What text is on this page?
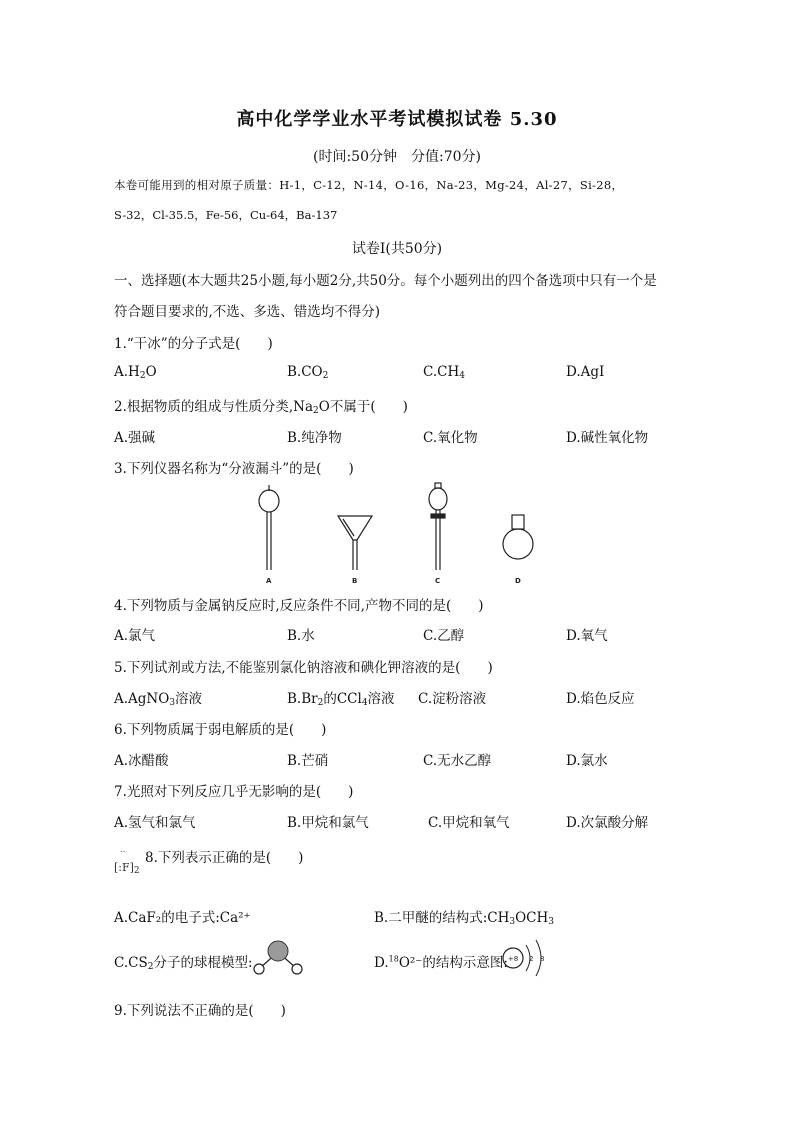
高中化学学业水平考试模拟试卷 5.30
(时间:50分钟　分值:70分)
本卷可能用到的相对原子质量：H-1，C-12，N-14，O-16，Na-23，Mg-24，Al-27，Si-28，
S-32，Cl-35.5，Fe-56，Cu-64，Ba-137
试卷Ⅰ(共50分)
一、选择题(本大题共25小题,每小题2分,共50分。每个小题列出的四个备选项中只有一个是
符合题目要求的,不选、多选、错选均不得分)
1.“干冰”的分子式是(　　)
$A.H_2O$	$B.CO_2$	$C.CH_4$	D.AgI
2.根据物质的组成与性质分类$,Na_2O$不属于(　　)
A.强碱	B.纯净物	C.氧化物	D.碱性氧化物
3.下列仪器名称为“分液漏斗”的是(　　)
A	B	C	D
4.下列物质与金属钠反应时,反应条件不同,产物不同的是(　　)
A.氯气	B.水	C.乙醇	D.氧气
5.下列试剂或方法,不能鉴别氯化钠溶液和碘化钾溶液的是(　　)
A.AgNO$_3$溶液	$B.Br_2$的CCl$_4$溶液 C.淀粉溶液	D.焰色反应
6.下列物质属于弱电解质的是(　　)
A.冰醋酸	B.芒硝	C.无水乙醇	D.氯水
7.光照对下列反应几乎无影响的是(　　)
A.氢气和氯气	B.甲烷和氯气	C.甲烷和氧气	D.次氯酸分解
‥
8.下列表示正确的是(　　)
$[:F]_2$
A.CaF₂的电子式:Ca²⁺	B.二甲醚的结构式$:CH_3OCH_3$
$C.CS_2$分子的球棍模型:	D.$^{18}$O²⁻的结构示意图: +8 2 8
9.下列说法不正确的是(　　)
